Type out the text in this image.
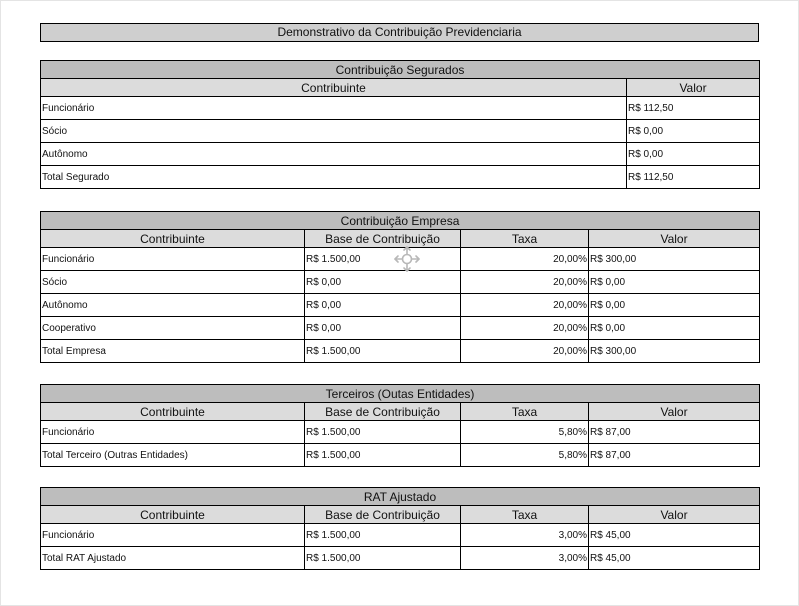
Demonstrativo da Contribuição Previdenciaria
Contribuição Segurados	
Contribuinte	Valor
Funcionário	R$ 112,50
Sócio	R$ 0,00
Autônomo	R$ 0,00
Total Segurado	R$ 112,50
Contribuição Empresa			
Contribuinte	Base de Contribuição	Taxa	Valor
Funcionário	R$ 1.500,00	20,00%	R$ 300,00
Sócio	R$ 0,00	20,00%	R$ 0,00
Autônomo	R$ 0,00	20,00%	R$ 0,00
Cooperativo	R$ 0,00	20,00%	R$ 0,00
Total Empresa	R$ 1.500,00	20,00%	R$ 300,00
Terceiros (Outas Entidades)			
Contribuinte	Base de Contribuição	Taxa	Valor
Funcionário	R$ 1.500,00	5,80%	R$ 87,00
Total Terceiro (Outras Entidades)	R$ 1.500,00	5,80%	R$ 87,00
RAT Ajustado			
Contribuinte	Base de Contribuição	Taxa	Valor
Funcionário	R$ 1.500,00	3,00%	R$ 45,00
Total RAT Ajustado	R$ 1.500,00	3,00%	R$ 45,00
